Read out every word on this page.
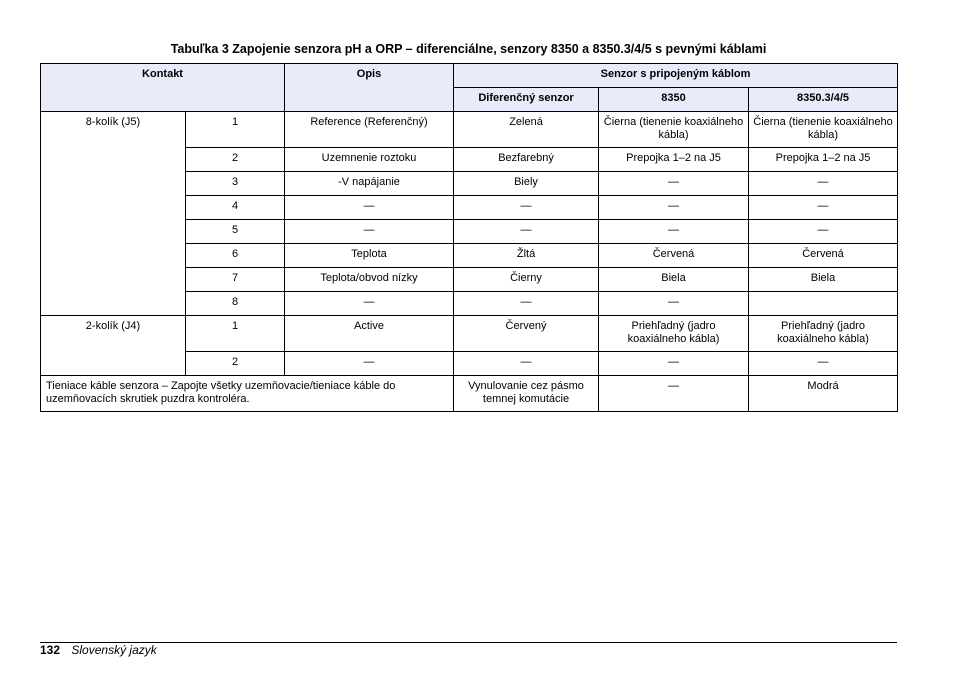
Tabuľka 3 Zapojenie senzora pH a ORP – diferenciálne, senzory 8350 a 8350.3/4/5 s pevnými káblami
Kontakt		Opis	Senzor s pripojeným káblom		
			Diferenčný senzor	8350	8350.3/4/5
8-kolík (J5)	1	Reference (Referenčný)	Zelená	Čierna (tienenie koaxiálneho kábla)	Čierna (tienenie koaxiálneho kábla)
	2	Uzemnenie roztoku	Bezfarebný	Prepojka 1–2 na J5	Prepojka 1–2 na J5
	3	-V napájanie	Biely	—	—
	4	—	—	—	—
	5	—	—	—	—
	6	Teplota	Žltá	Červená	Červená
	7	Teplota/obvod nízky	Čierny	Biela	Biela
	8	—	—	—	
2-kolík (J4)	1	Active	Červený	Priehľadný (jadro koaxiálneho kábla)	Priehľadný (jadro koaxiálneho kábla)
	2	—	—	—	—
Tieniace káble senzora – Zapojte všetky uzemňovacie/tieniace káble do uzemňovacích skrutiek puzdra kontroléra.			Vynulovanie cez pásmo temnej komutácie	—	Modrá
132 Slovenský jazyk
